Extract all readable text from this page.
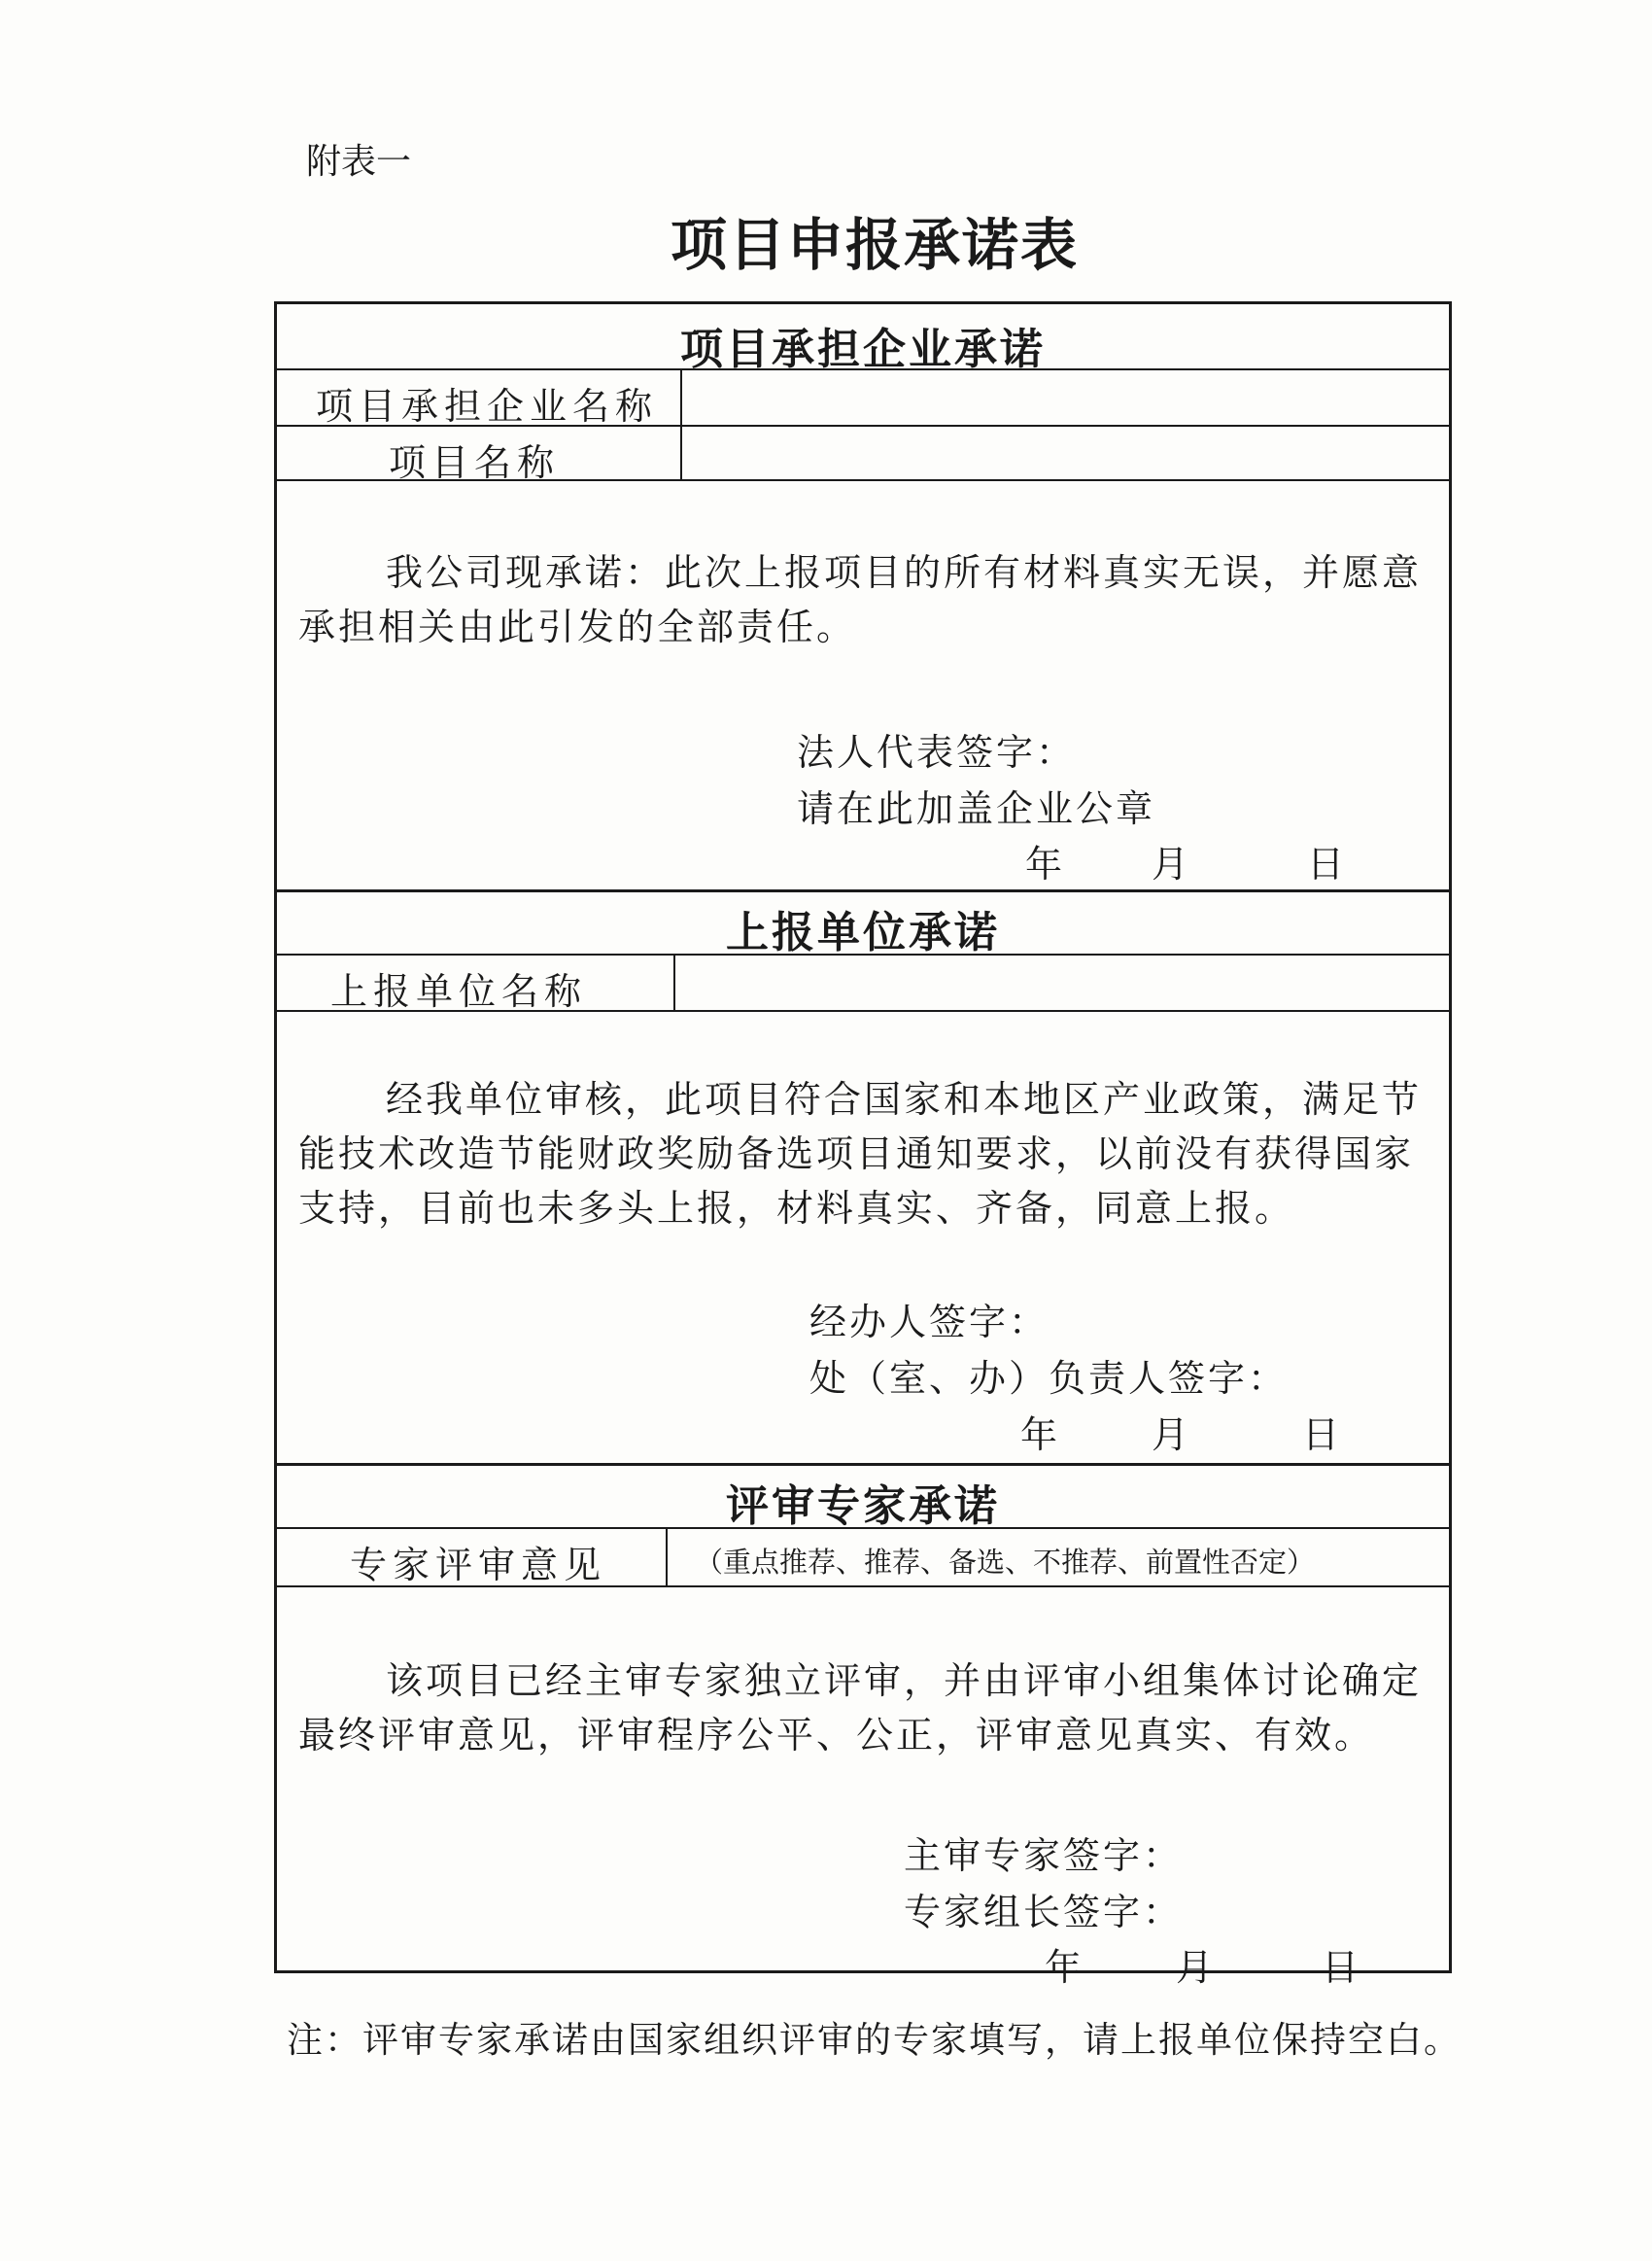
附表一
项目申报承诺表
项目承担企业承诺
项目承担企业名称
项目名称
我公司现承诺：此次上报项目的所有材料真实无误，并愿意承担相关由此引发的全部责任。
法人代表签字：
请在此加盖企业公章
年 月	日
上报单位承诺
上报单位名称
经我单位审核，此项目符合国家和本地区产业政策，满足节能技术改造节能财政奖励备选项目通知要求，以前没有获得国家支持，目前也未多头上报，材料真实、齐备，同意上报。
经办人签字：
处（室、办）负责人签字：
年	月	日
评审专家承诺
专家评审意见	（重点推荐、推荐、备选、不推荐、前置性否定）
该项目已经主审专家独立评审，并由评审小组集体讨论确定最终评审意见，评审程序公平、公正，评审意见真实、有效。
主审专家签字：
专家组长签字：
年	月	日
注：评审专家承诺由国家组织评审的专家填写，请上报单位保持空白。
